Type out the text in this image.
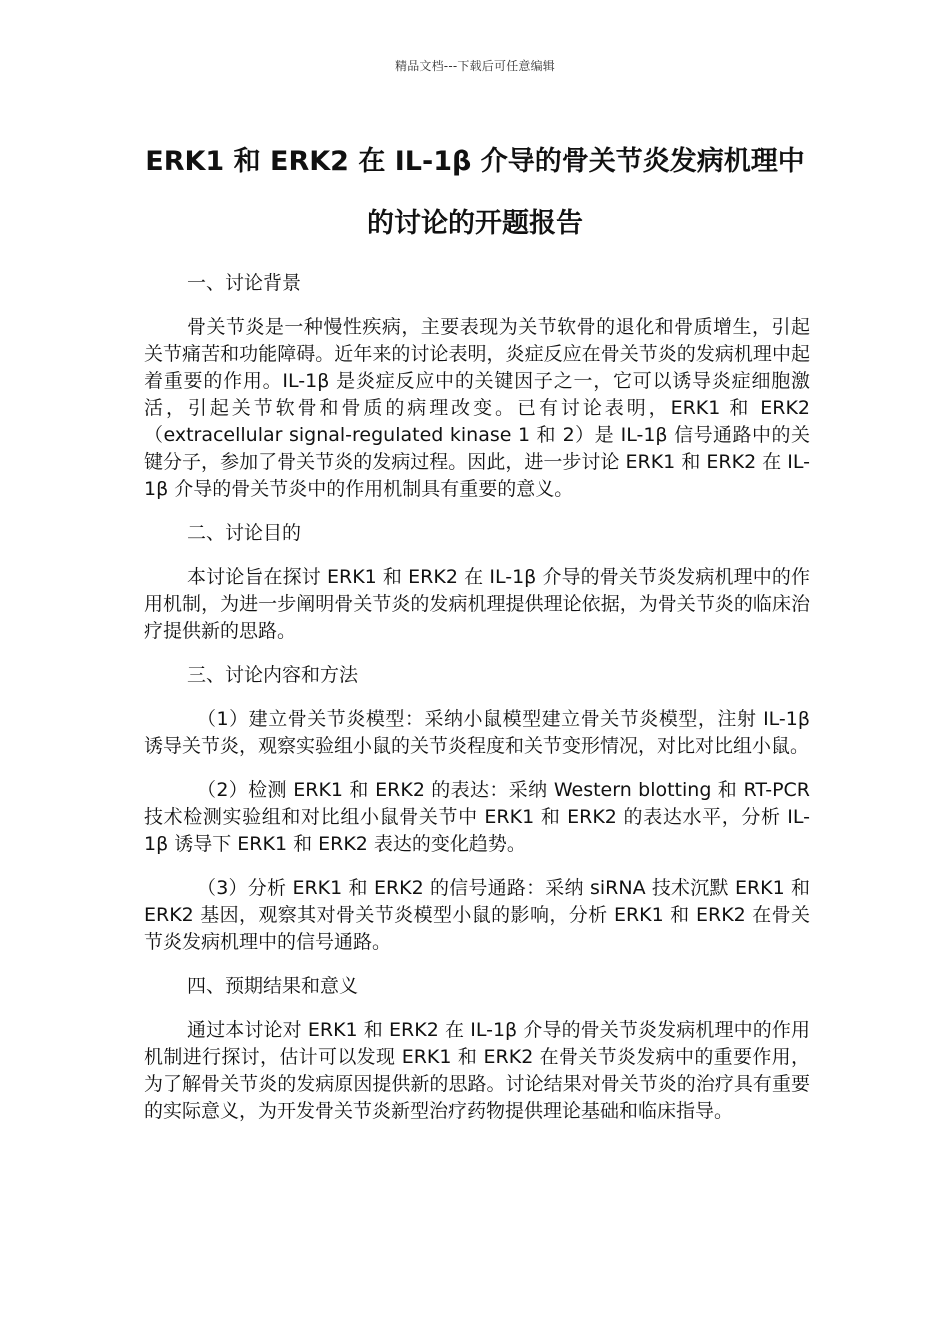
精品文档---下载后可任意编辑
ERK1 和 ERK2 在 IL-1β 介导的骨关节炎发病机理中
的讨论的开题报告

一、讨论背景

骨关节炎是一种慢性疾病，主要表现为关节软骨的退化和骨质增生，引起关节痛苦和功能障碍。近年来的讨论表明，炎症反应在骨关节炎的发病机理中起着重要的作用。IL-1β 是炎症反应中的关键因子之一，它可以诱导炎症细胞激活，引起关节软骨和骨质的病理改变。已有讨论表明，ERK1 和 ERK2（extracellular signal-regulated kinase 1 和 2）是 IL-1β 信号通路中的关键分子，参加了骨关节炎的发病过程。因此，进一步讨论 ERK1 和 ERK2 在 IL-1β 介导的骨关节炎中的作用机制具有重要的意义。

二、讨论目的

本讨论旨在探讨 ERK1 和 ERK2 在 IL-1β 介导的骨关节炎发病机理中的作用机制，为进一步阐明骨关节炎的发病机理提供理论依据，为骨关节炎的临床治疗提供新的思路。

三、讨论内容和方法

（1）建立骨关节炎模型：采纳小鼠模型建立骨关节炎模型，注射 IL-1β 诱导关节炎，观察实验组小鼠的关节炎程度和关节变形情况，对比对比组小鼠。

（2）检测 ERK1 和 ERK2 的表达：采纳 Western blotting 和 RT-PCR 技术检测实验组和对比组小鼠骨关节中 ERK1 和 ERK2 的表达水平，分析 IL-1β 诱导下 ERK1 和 ERK2 表达的变化趋势。

（3）分析 ERK1 和 ERK2 的信号通路：采纳 siRNA 技术沉默 ERK1 和 ERK2 基因，观察其对骨关节炎模型小鼠的影响，分析 ERK1 和 ERK2 在骨关节炎发病机理中的信号通路。

四、预期结果和意义

通过本讨论对 ERK1 和 ERK2 在 IL-1β 介导的骨关节炎发病机理中的作用机制进行探讨，估计可以发现 ERK1 和 ERK2 在骨关节炎发病中的重要作用，为了解骨关节炎的发病原因提供新的思路。讨论结果对骨关节炎的治疗具有重要的实际意义，为开发骨关节炎新型治疗药物提供理论基础和临床指导。
